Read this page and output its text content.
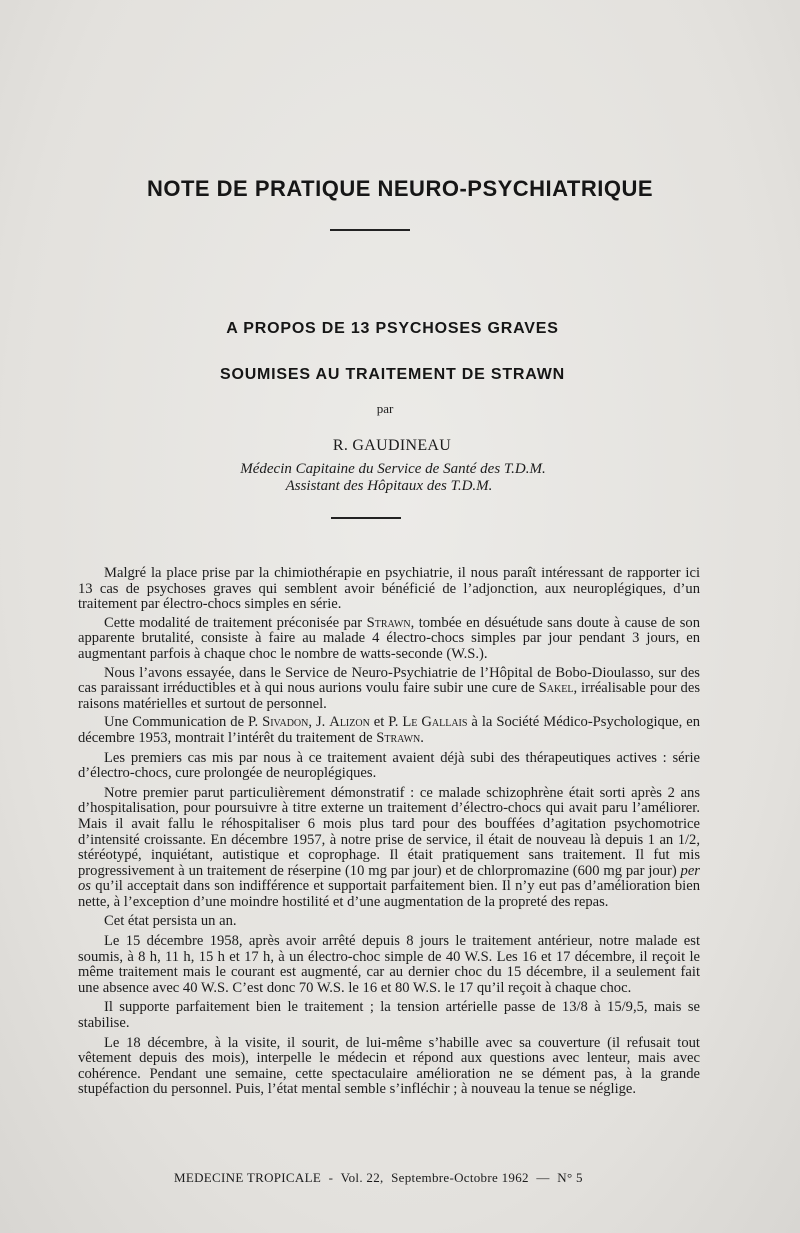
NOTE DE PRATIQUE NEURO-PSYCHIATRIQUE
A PROPOS DE 13 PSYCHOSES GRAVES
SOUMISES AU TRAITEMENT DE STRAWN
par
R. GAUDINEAU
Médecin Capitaine du Service de Santé des T.D.M.
Assistant des Hôpitaux des T.D.M.

Malgré la place prise par la chimiothérapie en psychiatrie, il nous paraît intéressant de rapporter ici 13 cas de psychoses graves qui semblent avoir bénéficié de l’adjonction, aux neuroplégiques, d’un traitement par électro-chocs simples en série.

Cette modalité de traitement préconisée par Strawn, tombée en désuétude sans doute à cause de son apparente brutalité, consiste à faire au malade 4 électro-chocs simples par jour pendant 3 jours, en augmentant parfois à chaque choc le nombre de watts-seconde (W.S.).

Nous l’avons essayée, dans le Service de Neuro-Psychiatrie de l’Hôpital de Bobo-Dioulasso, sur des cas paraissant irréductibles et à qui nous aurions voulu faire subir une cure de Sakel, irréalisable pour des raisons matérielles et surtout de personnel.

Une Communication de P. Sivadon, J. Alizon et P. Le Gallais à la Société Médico-Psychologique, en décembre 1953, montrait l’intérêt du traitement de Strawn.

Les premiers cas mis par nous à ce traitement avaient déjà subi des thérapeutiques actives : série d’électro-chocs, cure prolongée de neuroplégiques.

Notre premier parut particulièrement démonstratif : ce malade schizophrène était sorti après 2 ans d’hospitalisation, pour poursuivre à titre externe un traitement d’électro-chocs qui avait paru l’améliorer. Mais il avait fallu le réhospitaliser 6 mois plus tard pour des bouffées d’agitation psychomotrice d’intensité croissante. En décembre 1957, à notre prise de service, il était de nouveau là depuis 1 an 1/2, stéréotypé, inquiétant, autistique et coprophage. Il était pratiquement sans traitement. Il fut mis progressivement à un traitement de réserpine (10 mg par jour) et de chlorpromazine (600 mg par jour) per os qu’il acceptait dans son indifférence et supportait parfaitement bien. Il n’y eut pas d’amélioration bien nette, à l’exception d’une moindre hostilité et d’une augmentation de la propreté des repas.

Cet état persista un an.

Le 15 décembre 1958, après avoir arrêté depuis 8 jours le traitement antérieur, notre malade est soumis, à 8 h, 11 h, 15 h et 17 h, à un électro-choc simple de 40 W.S. Les 16 et 17 décembre, il reçoit le même traitement mais le courant est augmenté, car au dernier choc du 15 décembre, il a seulement fait une absence avec 40 W.S. C’est donc 70 W.S. le 16 et 80 W.S. le 17 qu’il reçoit à chaque choc.

Il supporte parfaitement bien le traitement ; la tension artérielle passe de 13/8 à 15/9,5, mais se stabilise.

Le 18 décembre, à la visite, il sourit, de lui-même s’habille avec sa couverture (il refusait tout vêtement depuis des mois), interpelle le médecin et répond aux questions avec lenteur, mais avec cohérence. Pendant une semaine, cette spectaculaire amélioration ne se dément pas, à la grande stupéfaction du personnel. Puis, l’état mental semble s’infléchir ; à nouveau la tenue se néglige.

MEDECINE TROPICALE - Vol. 22, Septembre-Octobre 1962 — N° 5
